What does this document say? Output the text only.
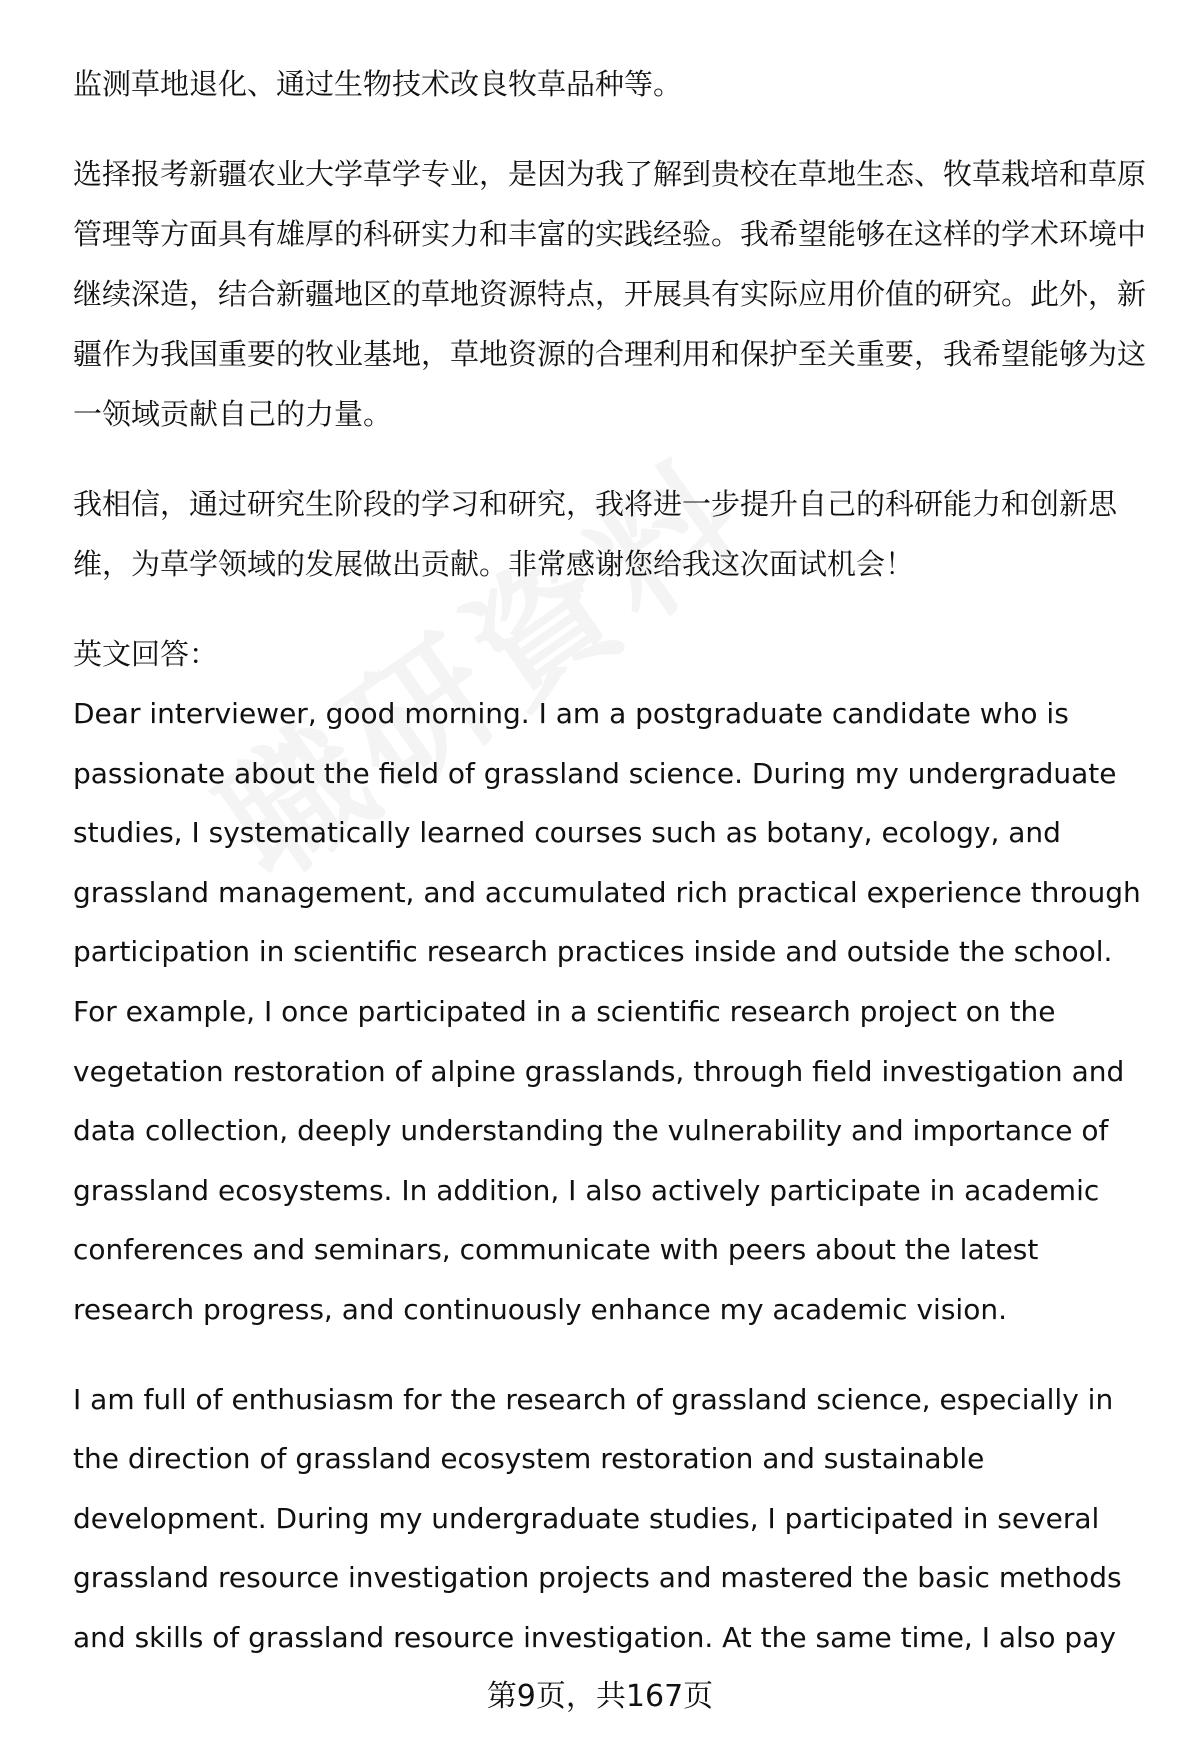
监测草地退化、通过生物技术改良牧草品种等。

选择报考新疆农业大学草学专业，是因为我了解到贵校在草地生态、牧草栽培和草原管理等方面具有雄厚的科研实力和丰富的实践经验。我希望能够在这样的学术环境中继续深造，结合新疆地区的草地资源特点，开展具有实际应用价值的研究。此外，新疆作为我国重要的牧业基地，草地资源的合理利用和保护至关重要，我希望能够为这一领域贡献自己的力量。

我相信，通过研究生阶段的学习和研究，我将进一步提升自己的科研能力和创新思维，为草学领域的发展做出贡献。非常感谢您给我这次面试机会！

英文回答：

Dear interviewer, good morning. I am a postgraduate candidate who is passionate about the field of grassland science. During my undergraduate studies, I systematically learned courses such as botany, ecology, and grassland management, and accumulated rich practical experience through participation in scientific research practices inside and outside the school. For example, I once participated in a scientific research project on the vegetation restoration of alpine grasslands, through field investigation and data collection, deeply understanding the vulnerability and importance of grassland ecosystems. In addition, I also actively participate in academic conferences and seminars, communicate with peers about the latest research progress, and continuously enhance my academic vision.

I am full of enthusiasm for the research of grassland science, especially in the direction of grassland ecosystem restoration and sustainable development. During my undergraduate studies, I participated in several grassland resource investigation projects and mastered the basic methods and skills of grassland resource investigation. At the same time, I also pay

第9页，共167页
